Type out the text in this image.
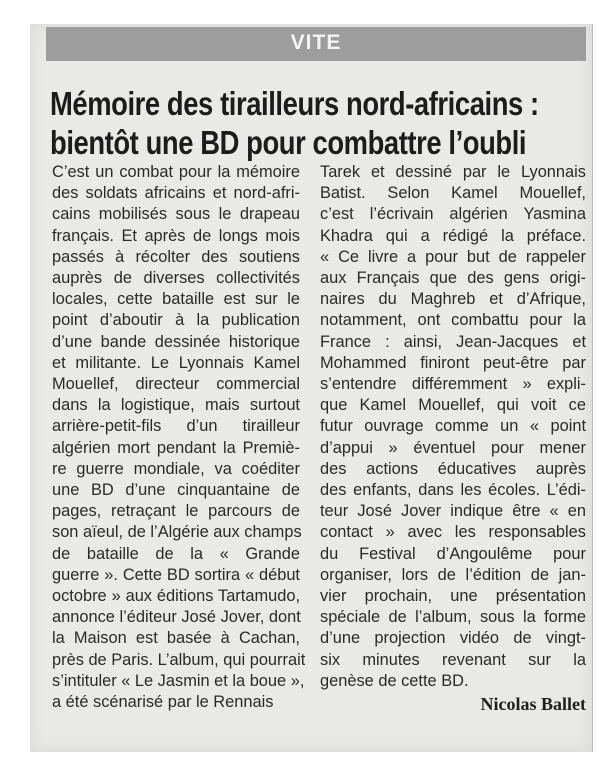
VITE
Mémoire des tirailleurs nord-africains :
bientôt une BD pour combattre l’oubli
C’est un combat pour la mémoire
des soldats africains et nord-afri-
cains mobilisés sous le drapeau
français. Et après de longs mois
passés à récolter des soutiens
auprès de diverses collectivités
locales, cette bataille est sur le
point d’aboutir à la publication
d’une bande dessinée historique
et militante. Le Lyonnais Kamel
Mouellef, directeur commercial
dans la logistique, mais surtout
arrière-petit-fils d’un tirailleur
algérien mort pendant la Premiè-
re guerre mondiale, va coéditer
une BD d’une cinquantaine de
pages, retraçant le parcours de
son aïeul, de l’Algérie aux champs
de bataille de la « Grande
guerre ». Cette BD sortira « début
octobre » aux éditions Tartamudo,
annonce l’éditeur José Jover, dont
la Maison est basée à Cachan,
près de Paris. L’album, qui pourrait
s’intituler « Le Jasmin et la boue »,
a été scénarisé par le Rennais
Tarek et dessiné par le Lyonnais
Batist. Selon Kamel Mouellef,
c’est l’écrivain algérien Yasmina
Khadra qui a rédigé la préface.
« Ce livre a pour but de rappeler
aux Français que des gens origi-
naires du Maghreb et d’Afrique,
notamment, ont combattu pour la
France : ainsi, Jean-Jacques et
Mohammed finiront peut-être par
s’entendre différemment » expli-
que Kamel Mouellef, qui voit ce
futur ouvrage comme un « point
d’appui » éventuel pour mener
des actions éducatives auprès
des enfants, dans les écoles. L’édi-
teur José Jover indique être « en
contact » avec les responsables
du Festival d’Angoulême pour
organiser, lors de l’édition de jan-
vier prochain, une présentation
spéciale de l’album, sous la forme
d’une projection vidéo de vingt-
six minutes revenant sur la
genèse de cette BD.
Nicolas Ballet
